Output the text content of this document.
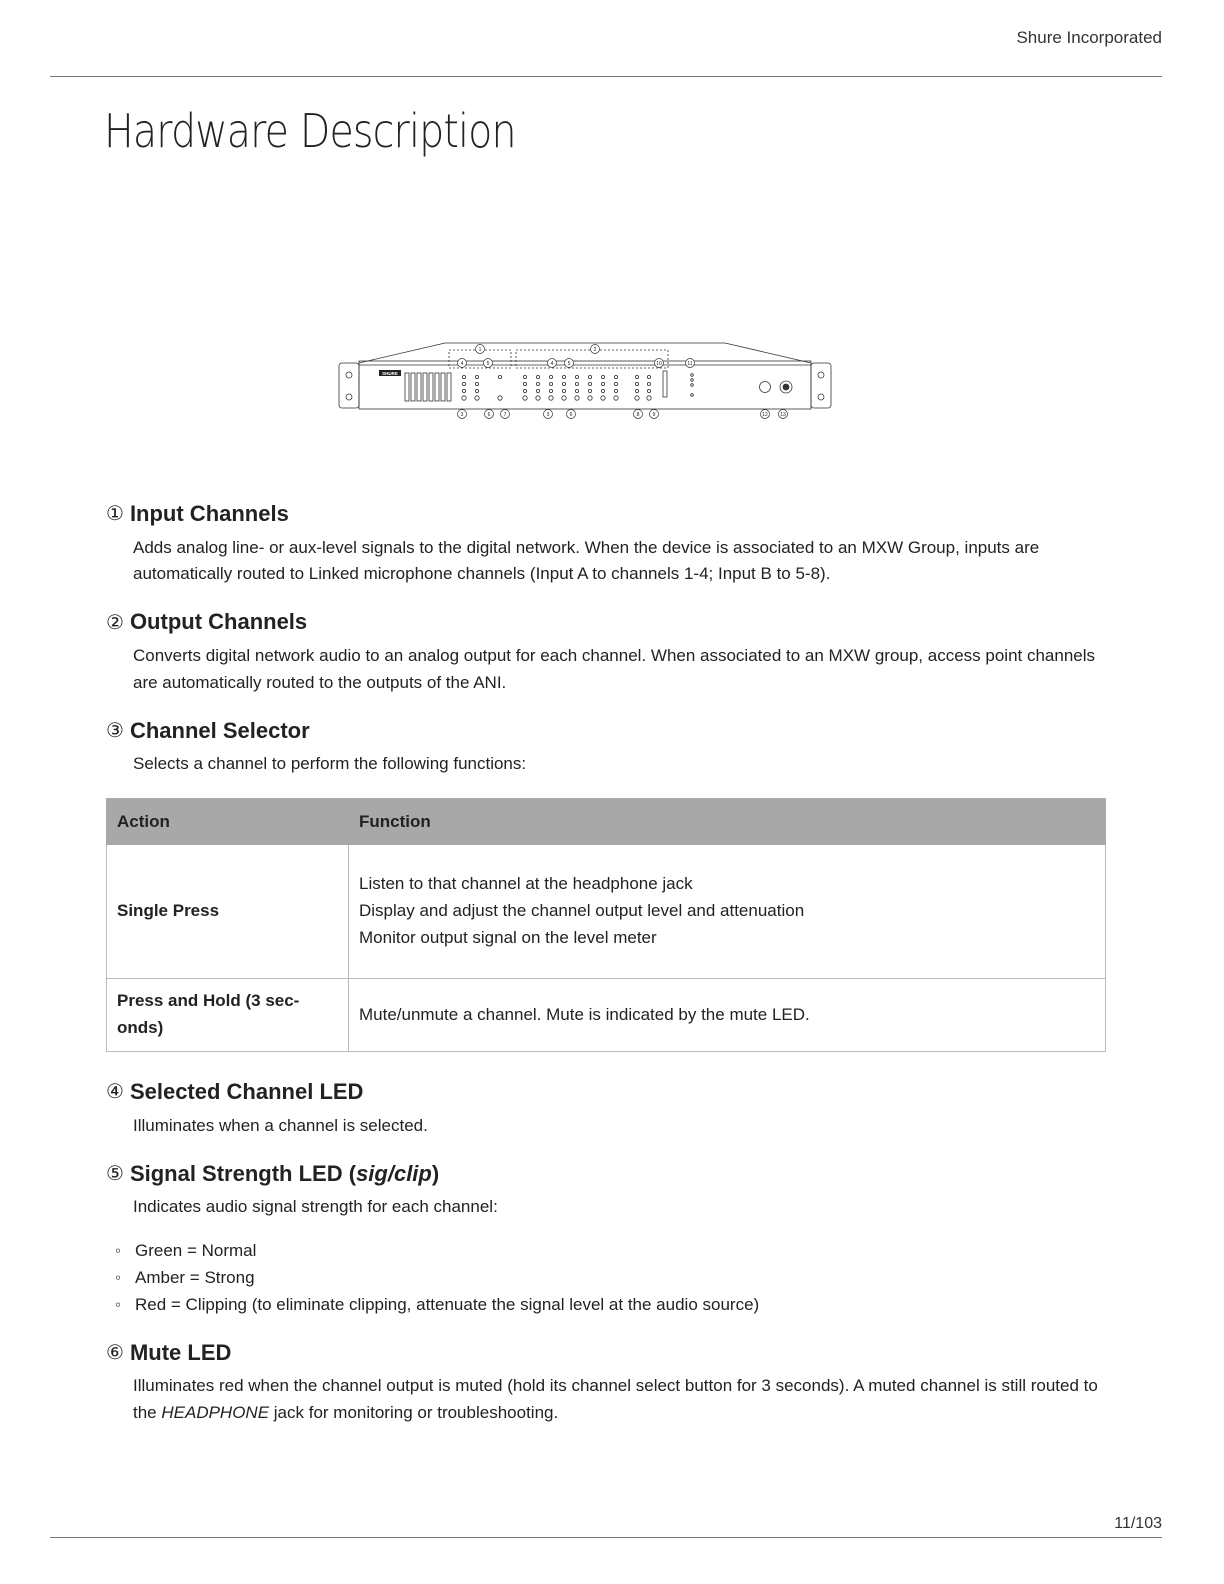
Shure Incorporated
Hardware Description
SHURE
1	2
4	5	4	5	10	11
3	6	7	3	6	8	9	12 13
① Input Channels

Adds analog line- or aux-level signals to the digital network. When the device is associated to an MXW Group, inputs are automatically routed to Linked microphone channels (Input A to channels 1-4; Input B to 5-8).

② Output Channels

Converts digital network audio to an analog output for each channel. When associated to an MXW group, access point channels are automatically routed to the outputs of the ANI.

③ Channel Selector

Selects a channel to perform the following functions:

Action	Function
Single Press	Listen to that channel at the headphone jack
Display and adjust the channel output level and attenuation
Monitor output signal on the level meter

Press and Hold (3 sec-
onds)	Mute/unmute a channel. Mute is indicated by the mute LED.
④ Selected Channel LED

Illuminates when a channel is selected.

⑤ Signal Strength LED (sig/clip)

Indicates audio signal strength for each channel:

◦ Green = Normal
◦ Amber = Strong
◦ Red = Clipping (to eliminate clipping, attenuate the signal level at the audio source)
⑥ Mute LED

Illuminates red when the channel output is muted (hold its channel select button for 3 seconds). A muted channel is still routed to the HEADPHONE jack for monitoring or troubleshooting.

11/103
